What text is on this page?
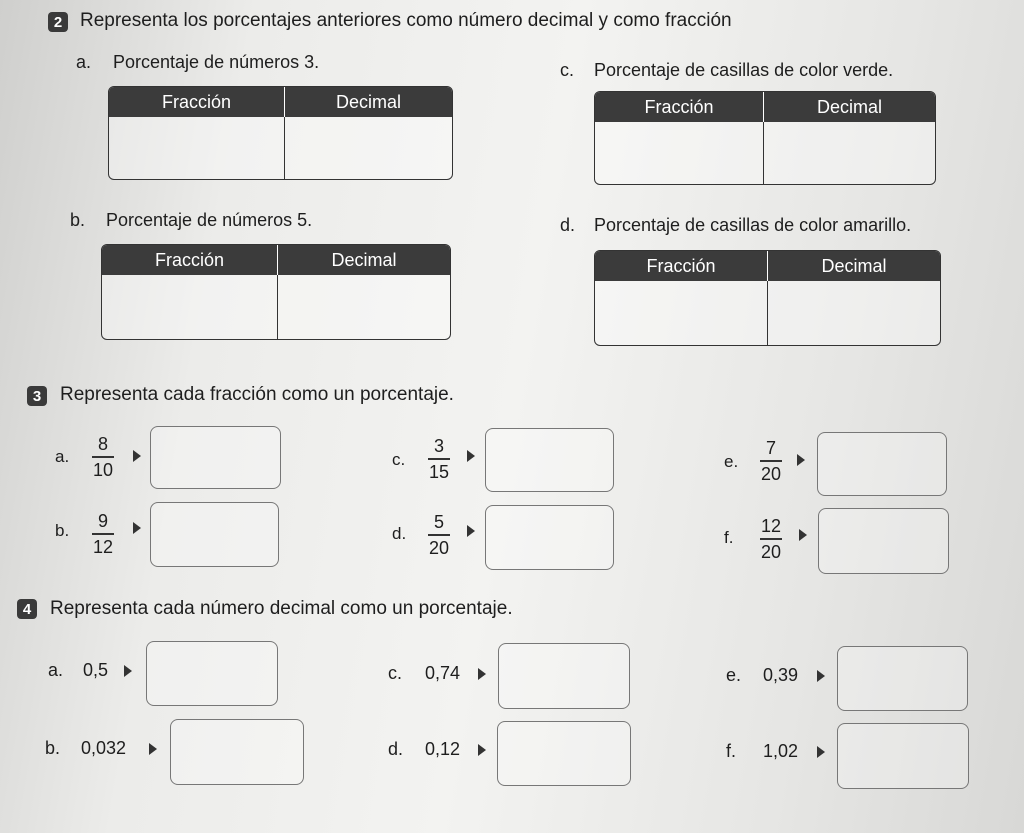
2 Representa los porcentajes anteriores como número decimal y como fracción
a. Porcentaje de números 3.
Fracción	Decimal

c. Porcentaje de casillas de color verde.
Fracción	Decimal

b. Porcentaje de números 5.
Fracción	Decimal

d. Porcentaje de casillas de color amarillo.
Fracción	Decimal

3 Representa cada fracción como un porcentaje.
a.
8
10
b. 9
12
c.
3
15
d.
5
20
e.
7
20
f.
12
20
4 Representa cada número decimal como un porcentaje.
a. 0,5
b. 0,032
c. 0,74
d. 0,12
e. 0,39
f. 1,02
